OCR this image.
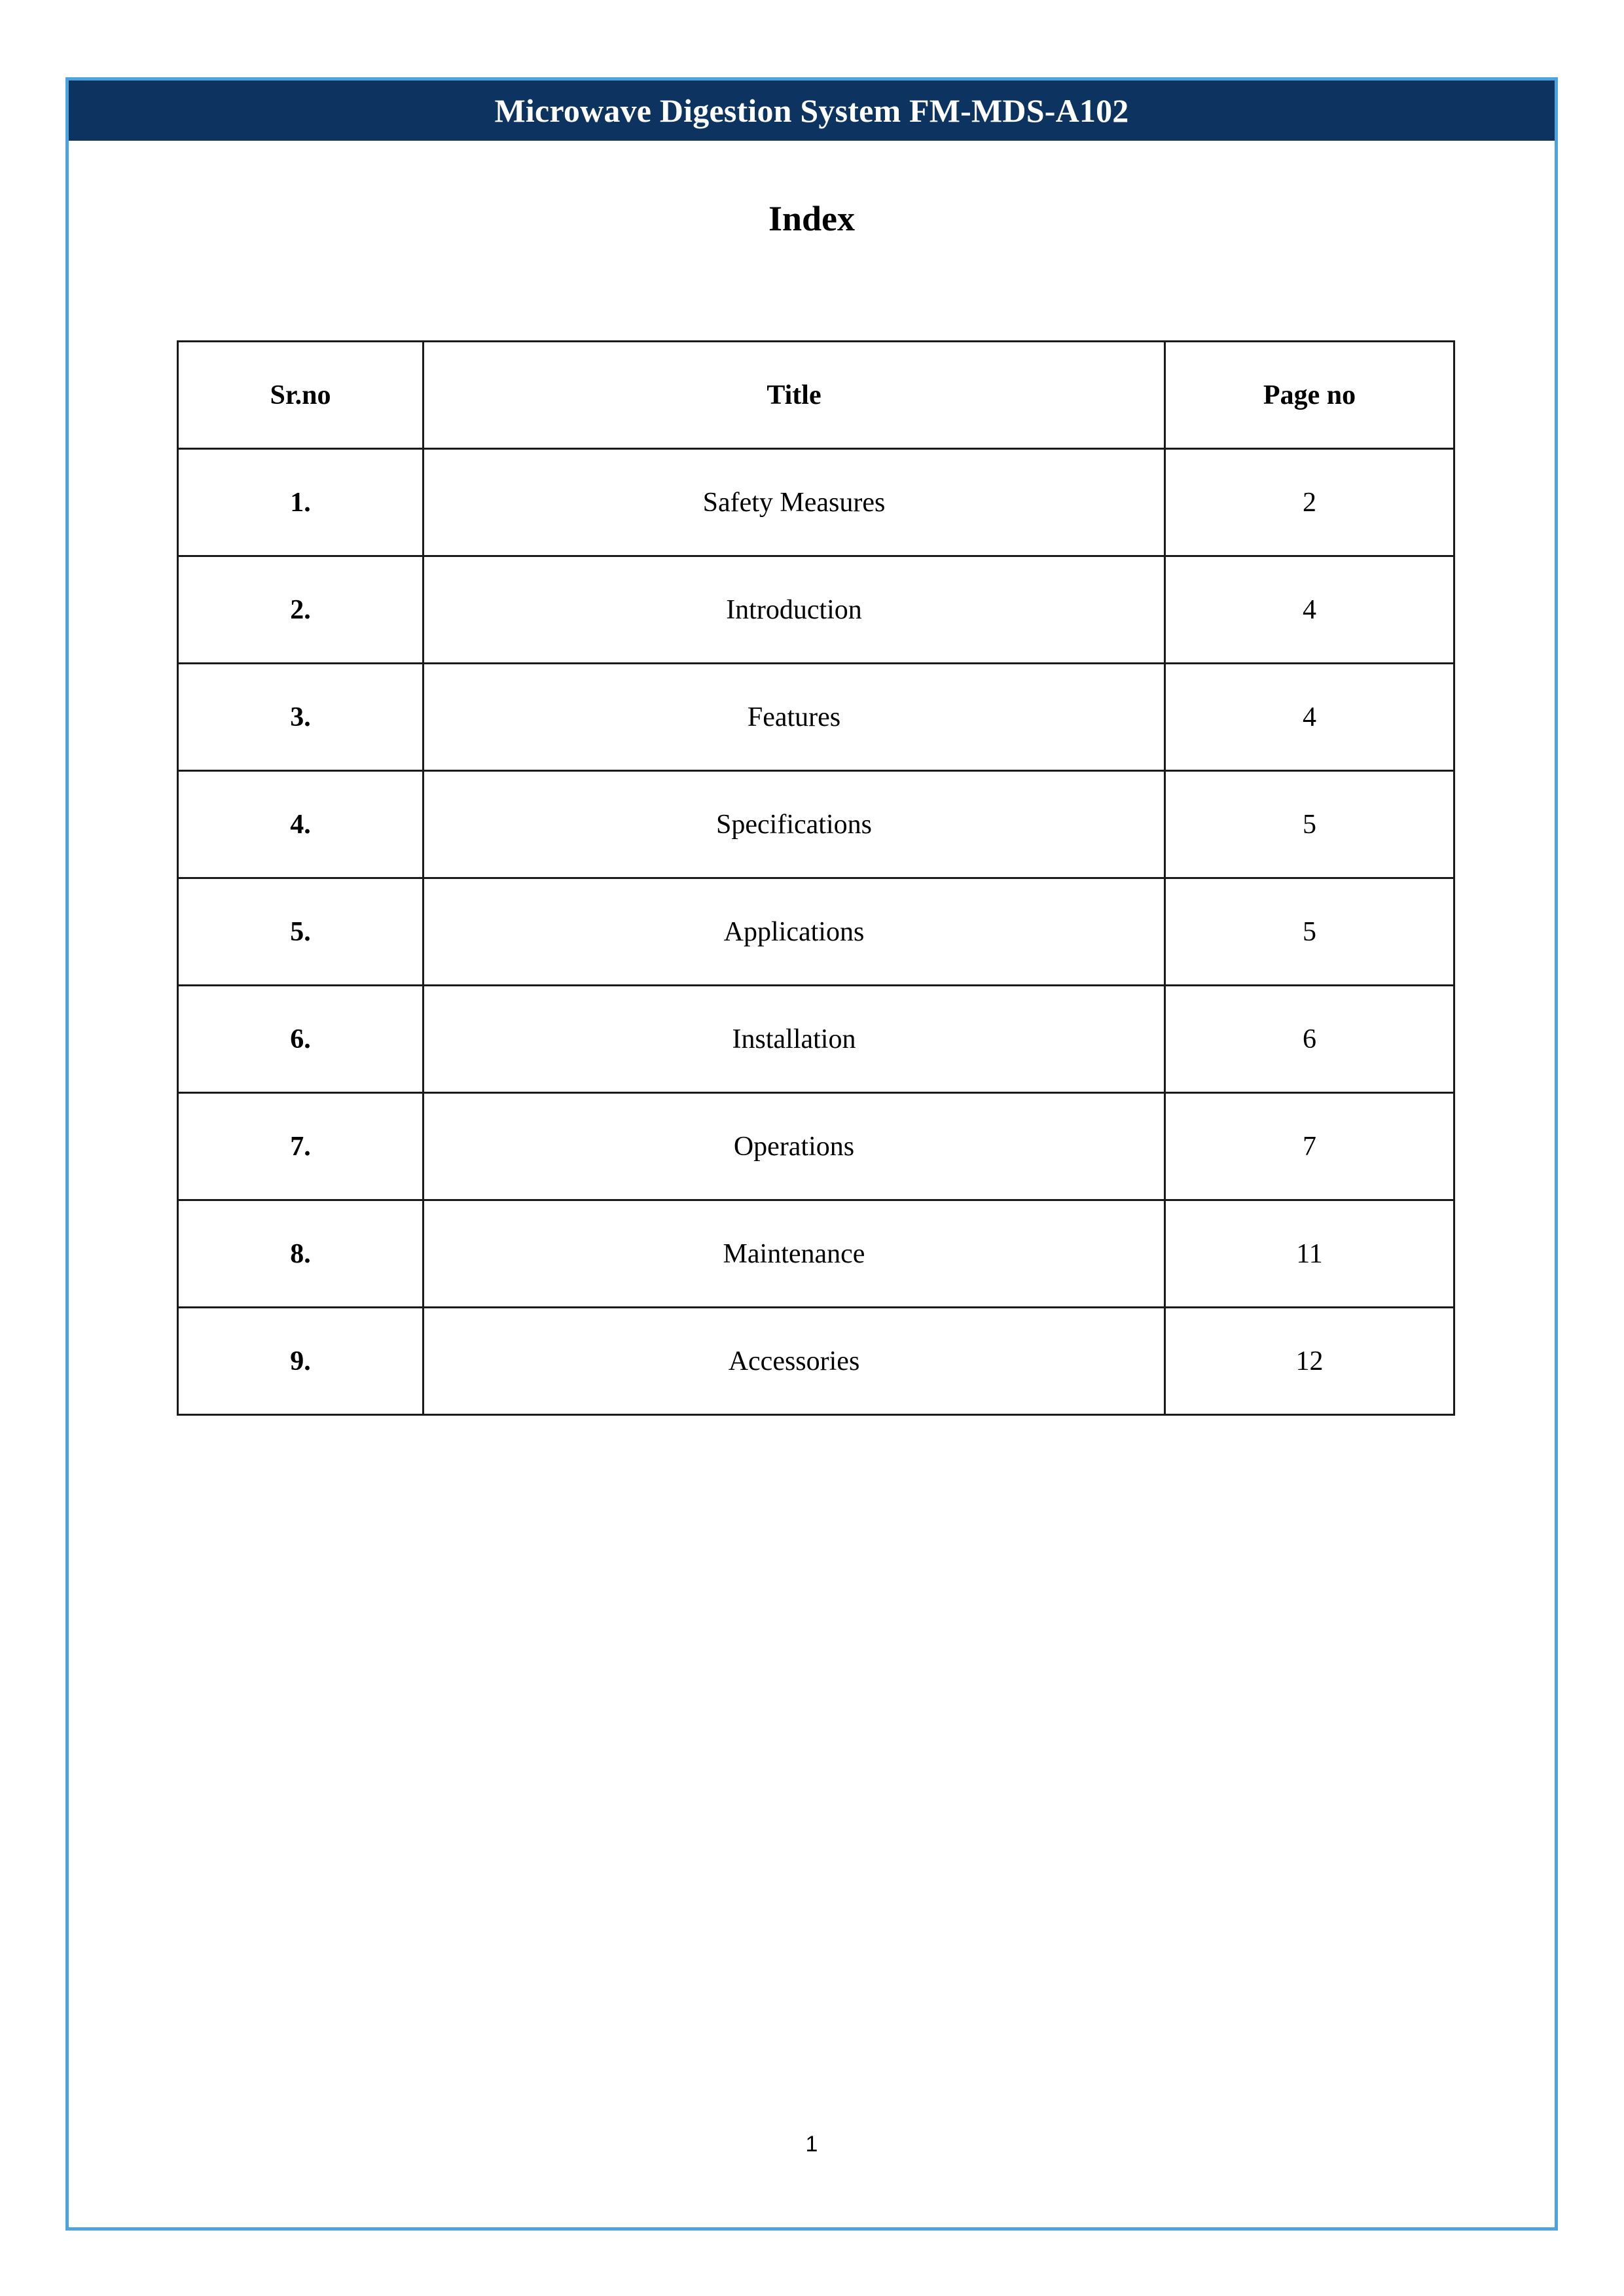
Microwave Digestion System FM-MDS-A102
Index
Sr.no	Title	Page no
1.	Safety Measures	2
2.	Introduction	4
3.	Features	4
4.	Specifications	5
5.	Applications	5
6.	Installation	6
7.	Operations	7
8.	Maintenance	11
9.	Accessories	12
1
